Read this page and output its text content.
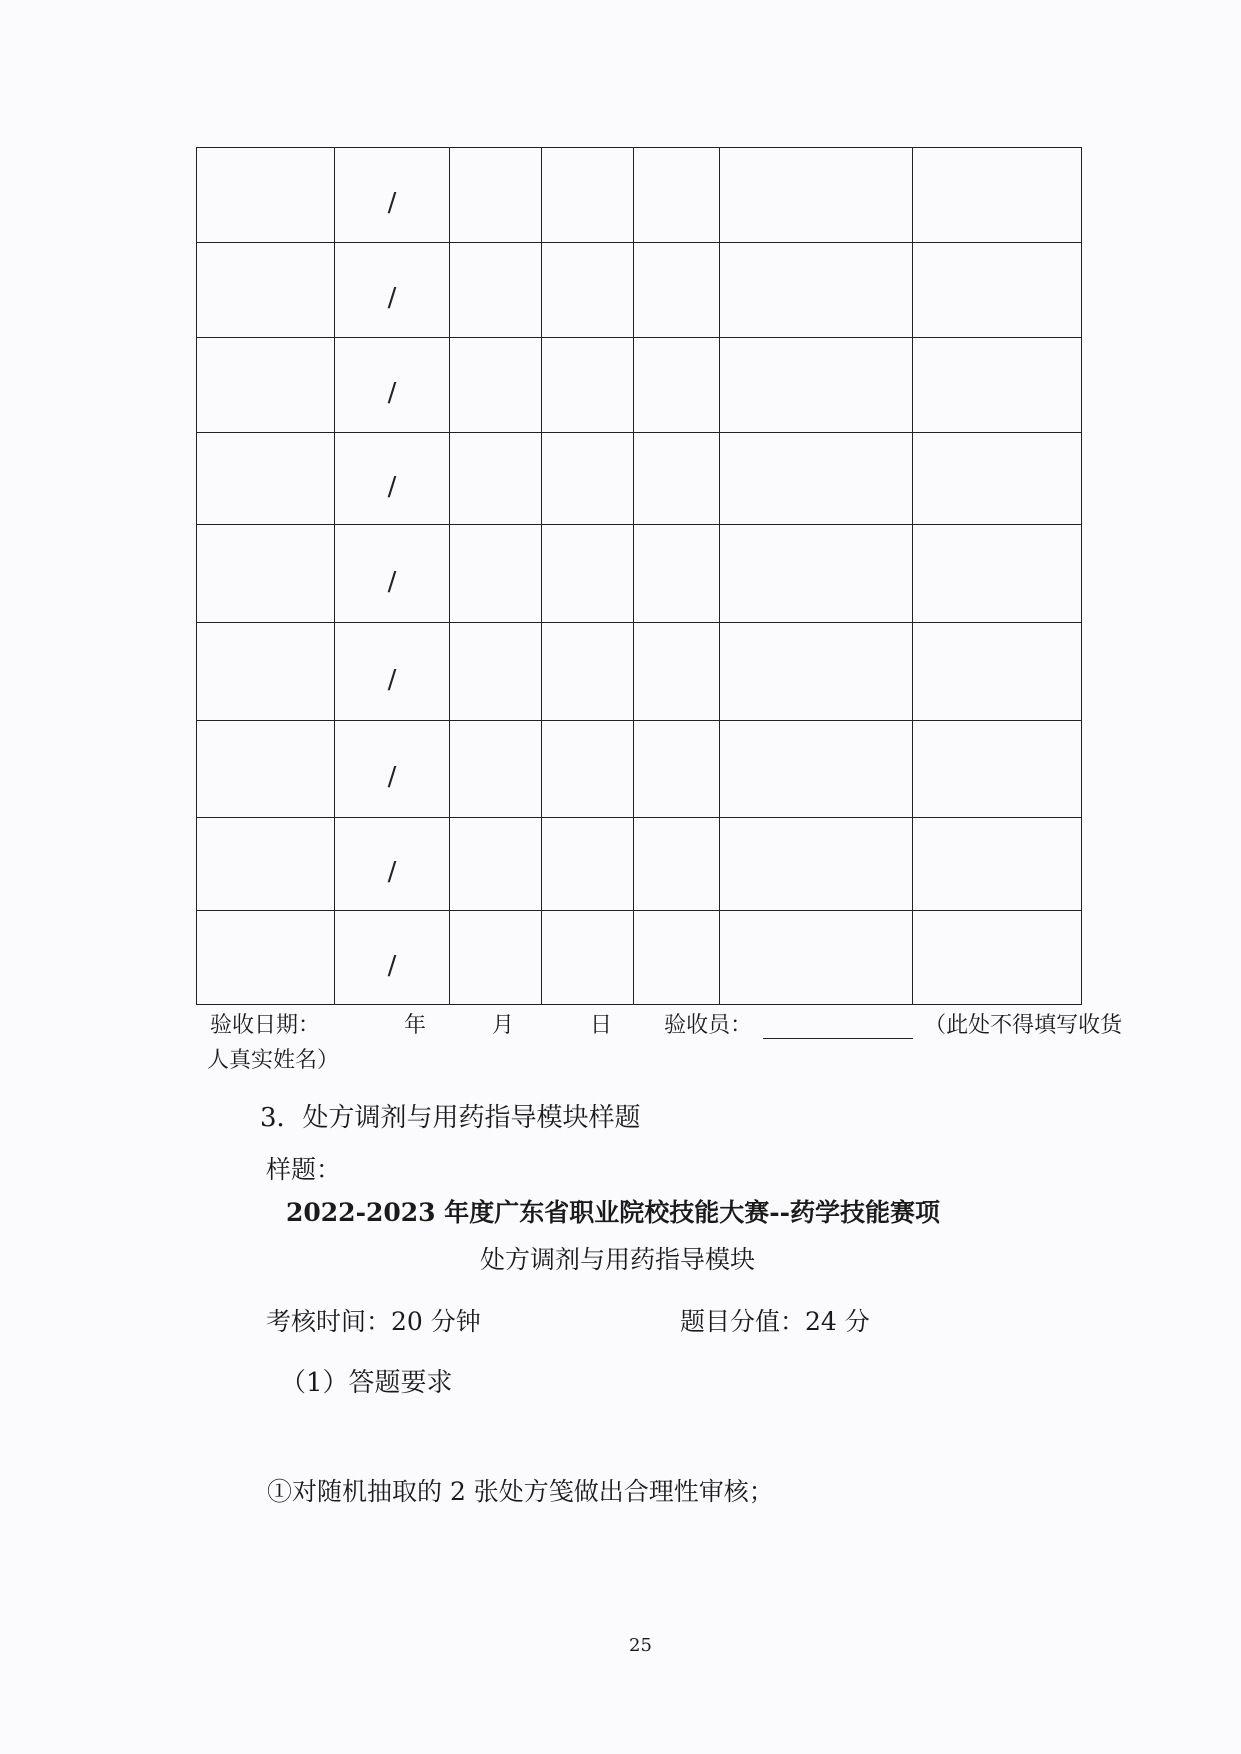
	/					

	/					

	/					

	/					

	/					

	/					

	/					

	/					

	/					

验收日期：	年	月	日 验收员：	（此处不得填写收货
人真实姓名）
3．处方调剂与用药指导模块样题
样题：
2022-2023 年度广东省职业院校技能大赛--药学技能赛项
处方调剂与用药指导模块
考核时间：20 分钟	题目分值：24 分
（1）答题要求
①对随机抽取的 2 张处方笺做出合理性审核；
25
